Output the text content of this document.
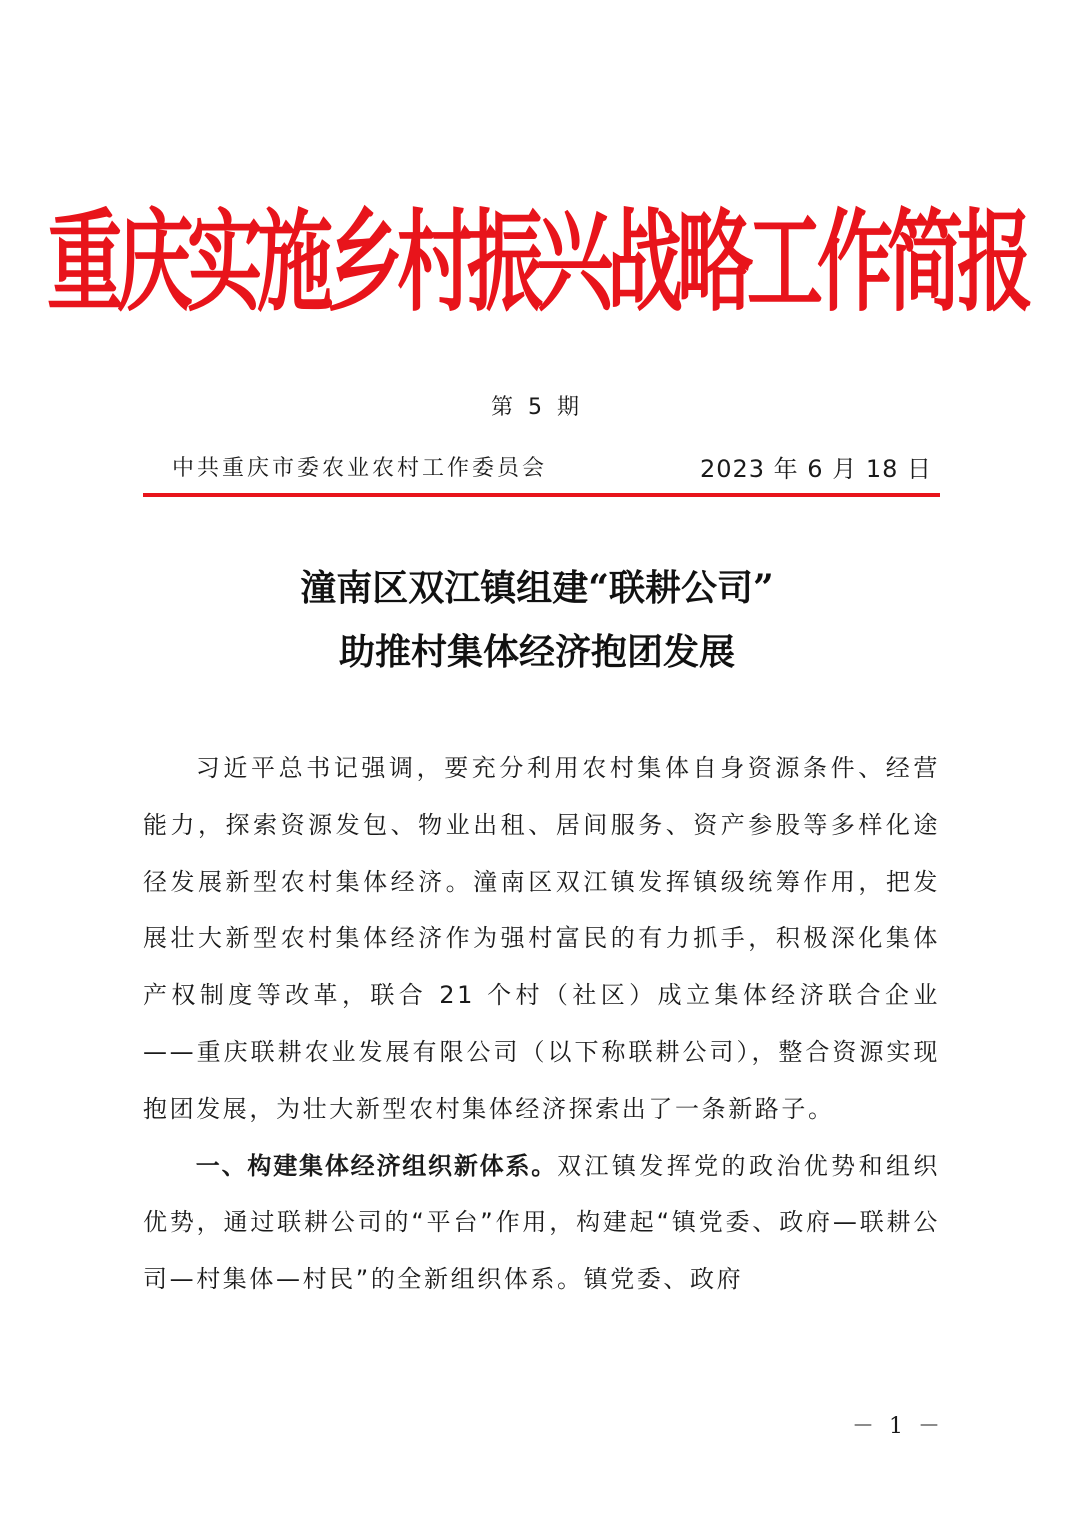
重庆实施乡村振兴战略工作简报
第 5 期
中共重庆市委农业农村工作委员会	2023 年 6 月 18 日
潼南区双江镇组建“联耕公司”
助推村集体经济抱团发展

习近平总书记强调，要充分利用农村集体自身资源条件、经营能力，探索资源发包、物业出租、居间服务、资产参股等多样化途径发展新型农村集体经济。潼南区双江镇发挥镇级统筹作用，把发展壮大新型农村集体经济作为强村富民的有力抓手，积极深化集体产权制度等改革，联合 21 个村（社区）成立集体经济联合企业——重庆联耕农业发展有限公司（以下称联耕公司），整合资源实现抱团发展，为壮大新型农村集体经济探索出了一条新路子。

一、构建集体经济组织新体系。双江镇发挥党的政治优势和组织优势，通过联耕公司的“平台”作用，构建起“镇党委、政府—联耕公司—村集体—村民”的全新组织体系。镇党委、政府

－ 1 －
